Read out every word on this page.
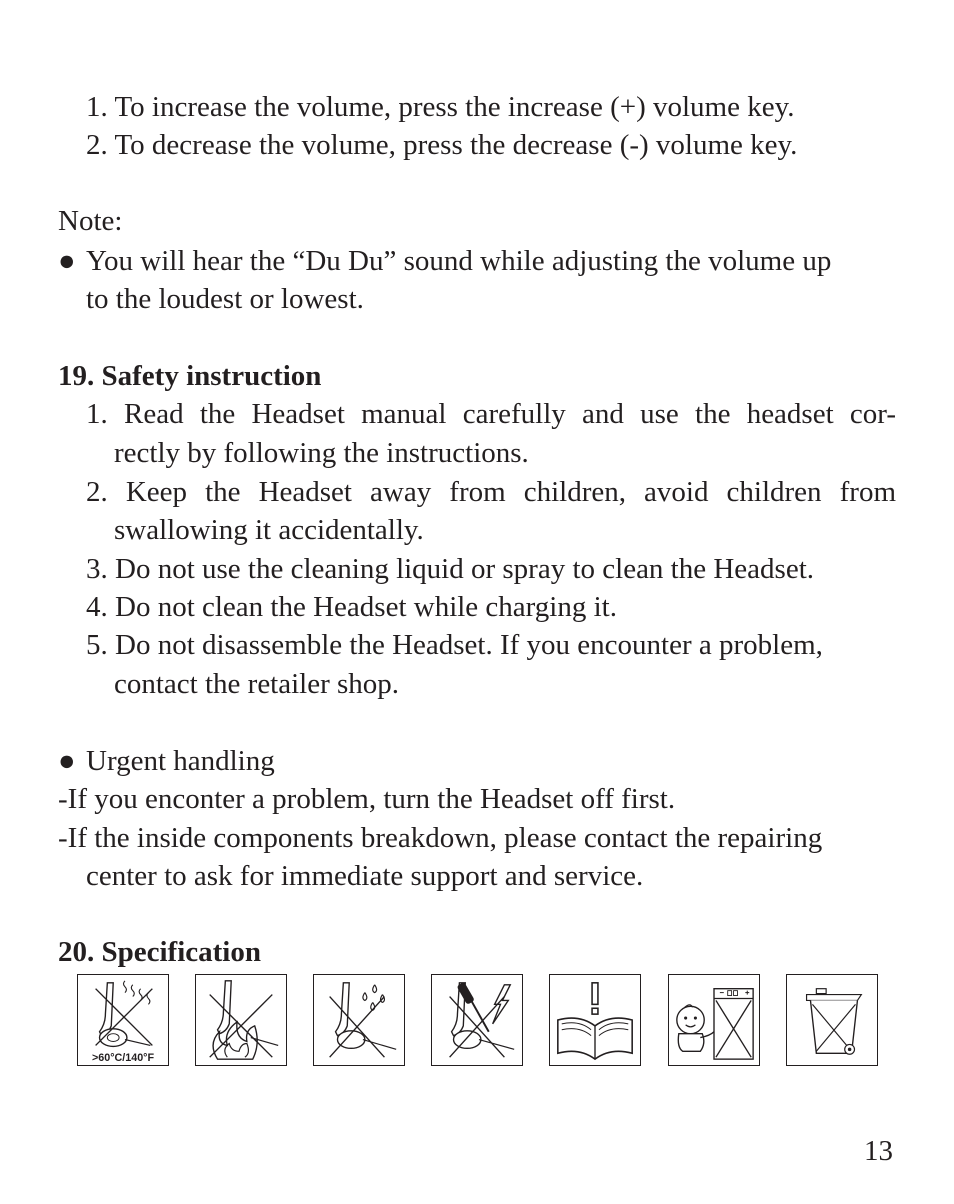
1. To increase the volume, press the increase (+) volume key.
2. To decrease the volume, press the decrease (-) volume key.
Note:
● You will hear the “Du Du” sound while adjusting the volume up
to the loudest or lowest.
19. Safety instruction
1. Read the Headset manual carefully and use the headset cor-
rectly by following the instructions.
2. Keep the Headset away from children, avoid children from
swallowing it accidentally.
3. Do not use the cleaning liquid or spray to clean the Headset.
4. Do not clean the Headset while charging it.
5. Do not disassemble the Headset. If you encounter a problem,
contact the retailer shop.
● Urgent handling
-If you enconter a problem, turn the Headset off first.
-If the inside components breakdown, please contact the repairing
center to ask for immediate support and service.
20. Specification
>60°C/140°F
13
